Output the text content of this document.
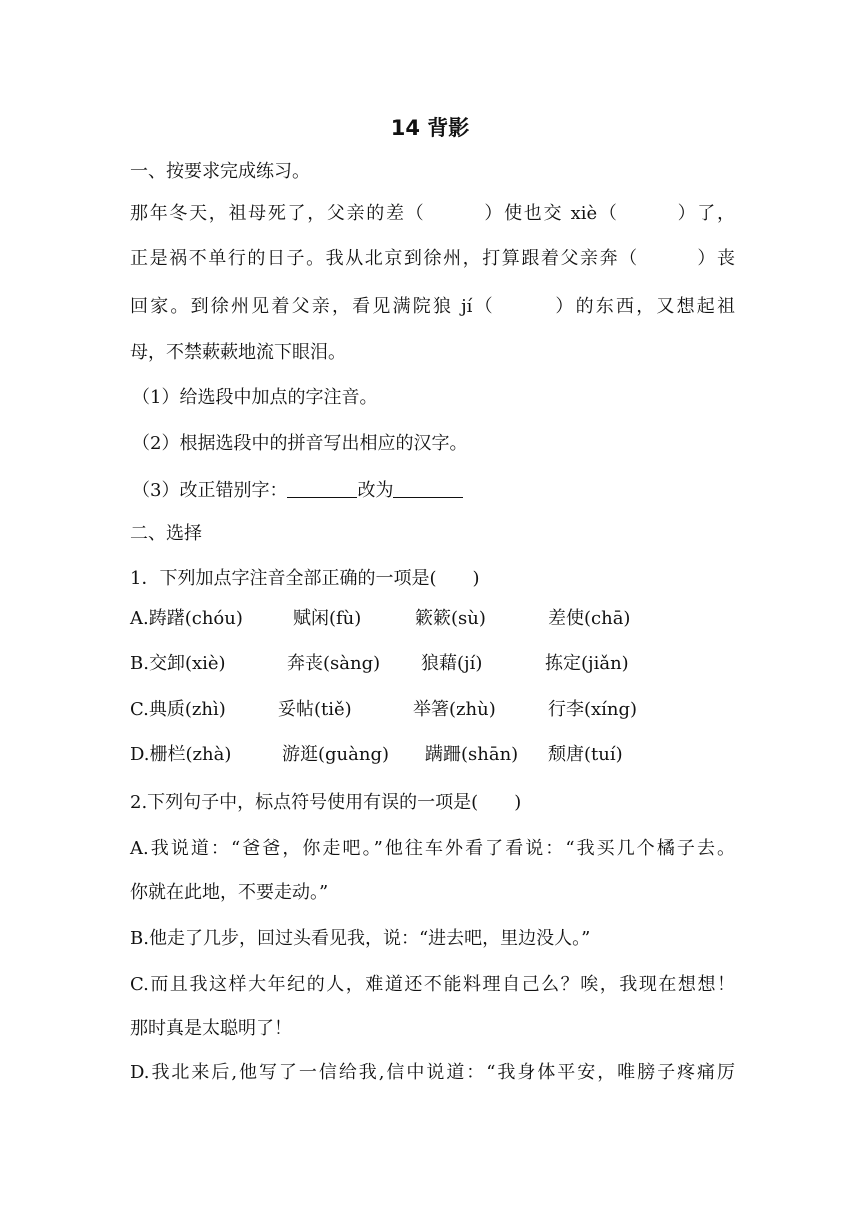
14 背影
一、按要求完成练习。
那年冬天，祖母死了，父亲的差（　　　）使也交 xiè（　　　）了，
正是祸不单行的日子。我从北京到徐州，打算跟着父亲奔（　　　）丧
回家。到徐州见着父亲，看见满院狼 jí（　　　）的东西，又想起祖
母，不禁蔌蔌地流下眼泪。
（1）给选段中加点的字注音。
（2）根据选段中的拼音写出相应的汉字。
（3）改正错别字：	改为
二、选择
1．下列加点字注音全部正确的一项是(　　)
A.踌躇(chóu)	赋闲(fù)	簌簌(sù)	差使(chā)
B.交卸(xiè)	奔丧(sàng) 狼藉(jí)	拣定(jiǎn)
C.典质(zhì)	妥帖(tiě)	举箸(zhù)	行李(xíng)
D.栅栏(zhà)	游逛(guàng) 蹒跚(shān) 颓唐(tuí)
2.下列句子中，标点符号使用有误的一项是(　　)
A.我说道：“爸爸，你走吧。”他往车外看了看说：“我买几个橘子去。
你就在此地，不要走动。”
B.他走了几步，回过头看见我，说：“进去吧，里边没人。”
C.而且我这样大年纪的人，难道还不能料理自己么？唉，我现在想想！
那时真是太聪明了！
D.我北来后,他写了一信给我,信中说道：“我身体平安，唯膀子疼痛厉
